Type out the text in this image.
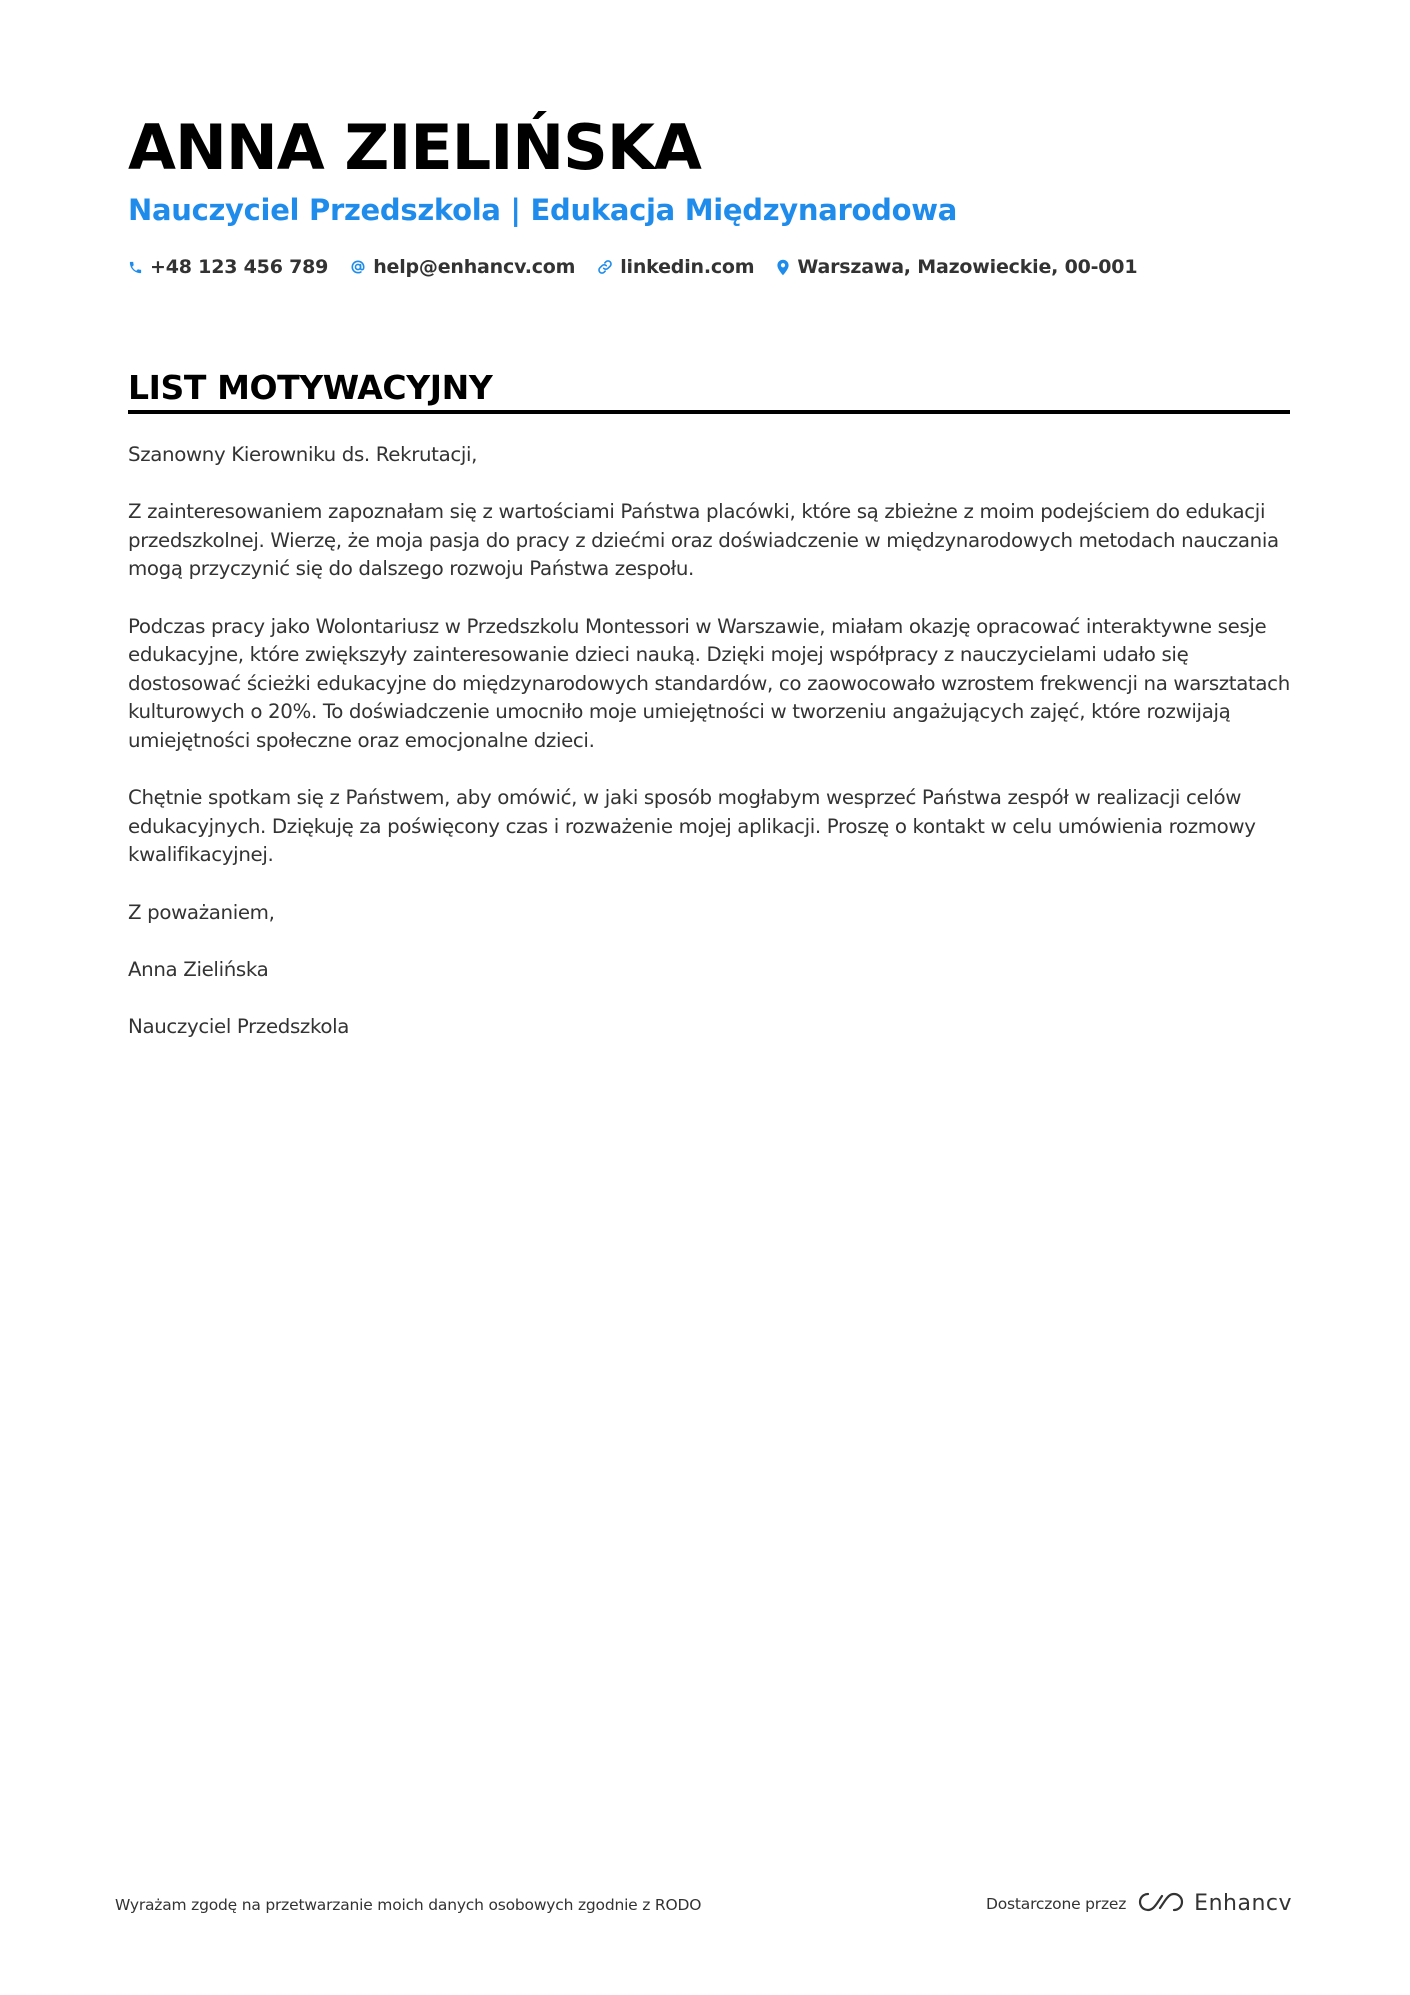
ANNA ZIELIŃSKA
Nauczyciel Przedszkola | Edukacja Międzynarodowa
+48 123 456 789 help@enhancv.com linkedin.com Warszawa, Mazowieckie, 00-001
LIST MOTYWACYJNY

Szanowny Kierowniku ds. Rekrutacji,

Z zainteresowaniem zapoznałam się z wartościami Państwa placówki, które są zbieżne z moim podejściem do edukacji przedszkolnej. Wierzę, że moja pasja do pracy z dziećmi oraz doświadczenie w międzynarodowych metodach nauczania mogą przyczynić się do dalszego rozwoju Państwa zespołu.

Podczas pracy jako Wolontariusz w Przedszkolu Montessori w Warszawie, miałam okazję opracować interaktywne sesje edukacyjne, które zwiększyły zainteresowanie dzieci nauką. Dzięki mojej współpracy z nauczycielami udało się dostosować ścieżki edukacyjne do międzynarodowych standardów, co zaowocowało wzrostem frekwencji na warsztatach kulturowych o 20%. To doświadczenie umocniło moje umiejętności w tworzeniu angażujących zajęć, które rozwijają umiejętności społeczne oraz emocjonalne dzieci.

Chętnie spotkam się z Państwem, aby omówić, w jaki sposób mogłabym wesprzeć Państwa zespół w realizacji celów edukacyjnych. Dziękuję za poświęcony czas i rozważenie mojej aplikacji. Proszę o kontakt w celu umówienia rozmowy kwalifikacyjnej.

Z poważaniem,

Anna Zielińska

Nauczyciel Przedszkola

Wyrażam zgodę na przetwarzanie moich danych osobowych zgodnie z RODO	Dostarczone przez	Enhancv
